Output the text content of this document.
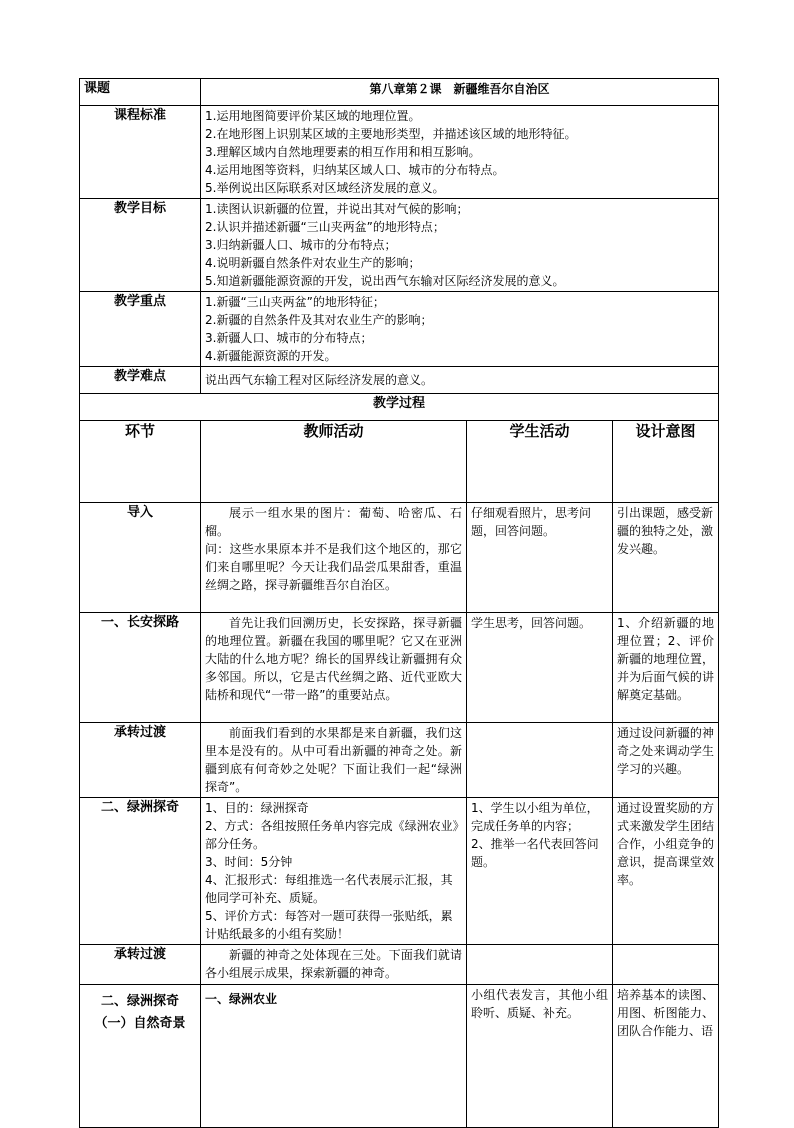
课题	第八章第２课　新疆维吾尔自治区		
课程标准	1.运用地图简要评价某区域的地理位置。
2.在地形图上识别某区域的主要地形类型，并描述该区域的地形特征。
3.理解区域内自然地理要素的相互作用和相互影响。
4.运用地图等资料，归纳某区域人口、城市的分布特点。
5.举例说出区际联系对区域经济发展的意义。		

教学目标	1.读图认识新疆的位置，并说出其对气候的影响；
2.认识并描述新疆“三山夹两盆”的地形特点；
3.归纳新疆人口、城市的分布特点；
4.说明新疆自然条件对农业生产的影响；
5.知道新疆能源资源的开发，说出西气东输对区际经济发展的意义。		

教学重点	1.新疆“三山夹两盆”的地形特征；
2.新疆的自然条件及其对农业生产的影响；
3.新疆人口、城市的分布特点；
4.新疆能源资源的开发。		

教学难点	说出西气东输工程对区际经济发展的意义。		
教学过程			
环节	教师活动	学生活动	设计意图
导入	展示一组水果的图片：葡萄、哈密瓜、石榴。
问：这些水果原本并不是我们这个地区的，那它们来自哪里呢？今天让我们品尝瓜果甜香，重温丝绸之路，探寻新疆维吾尔自治区。	仔细观看照片，思考问题，回答问题。	引出课题，感受新疆的独特之处，激发兴趣。
一、长安探路	首先让我们回溯历史，长安探路，探寻新疆的地理位置。新疆在我国的哪里呢？它又在亚洲大陆的什么地方呢？绵长的国界线让新疆拥有众多邻国。所以，它是古代丝绸之路、近代亚欧大陆桥和现代“一带一路”的重要站点。	学生思考，回答问题。	1、介绍新疆的地理位置；2、评价新疆的地理位置，并为后面气候的讲解奠定基础。
承转过渡	前面我们看到的水果都是来自新疆，我们这里本是没有的。从中可看出新疆的神奇之处。新疆到底有何奇妙之处呢？下面让我们一起“绿洲探奇”。		通过设问新疆的神奇之处来调动学生学习的兴趣。
二、绿洲探奇	1、目的：绿洲探奇
2、方式：各组按照任务单内容完成《绿洲农业》部分任务。
3、时间：5分钟
4、汇报形式：每组推选一名代表展示汇报，其他同学可补充、质疑。
5、评价方式：每答对一题可获得一张贴纸，累计贴纸最多的小组有奖励！	1、学生以小组为单位，完成任务单的内容；
2、推举一名代表回答问题。	通过设置奖励的方式来激发学生团结合作，小组竞争的意识，提高课堂效率。
承转过渡	新疆的神奇之处体现在三处。下面我们就请各小组展示成果，探索新疆的神奇。		

二、绿洲探奇
（一）自然奇景	一、绿洲农业	小组代表发言，其他小组聆听、质疑、补充。	培养基本的读图、用图、析图能力、团队合作能力、语
